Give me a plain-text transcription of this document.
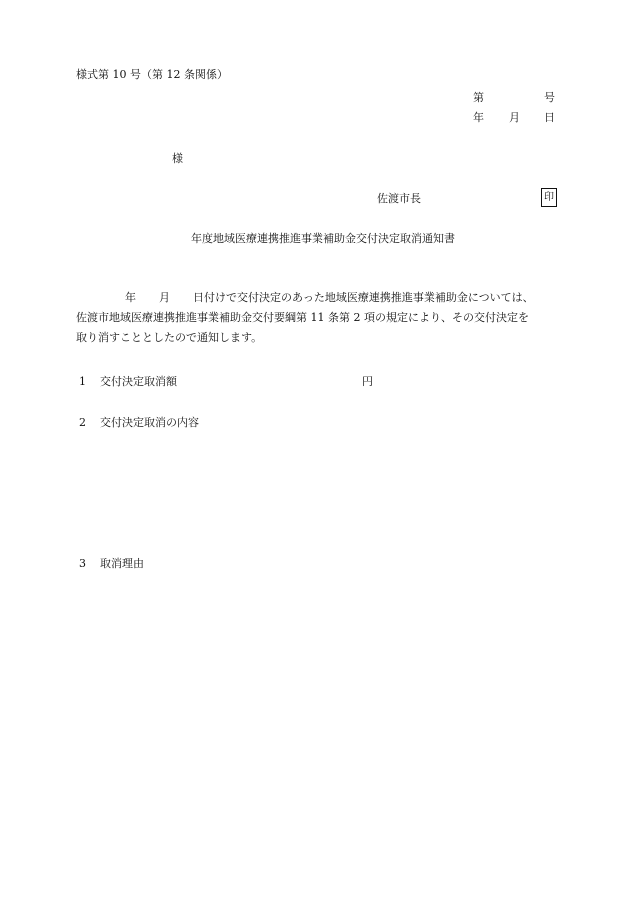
様式第 10 号（第 12 条関係）
第	号
年 月 日
様
佐渡市長	印
年度地域医療連携推進事業補助金交付決定取消通知書
年 月 日付けで交付決定のあった地域医療連携推進事業補助金については、
佐渡市地域医療連携推進事業補助金交付要綱第 11 条第 2 項の規定により、その交付決定を
取り消すこととしたので通知します。
1 交付決定取消額	円
2 交付決定取消の内容
3 取消理由
